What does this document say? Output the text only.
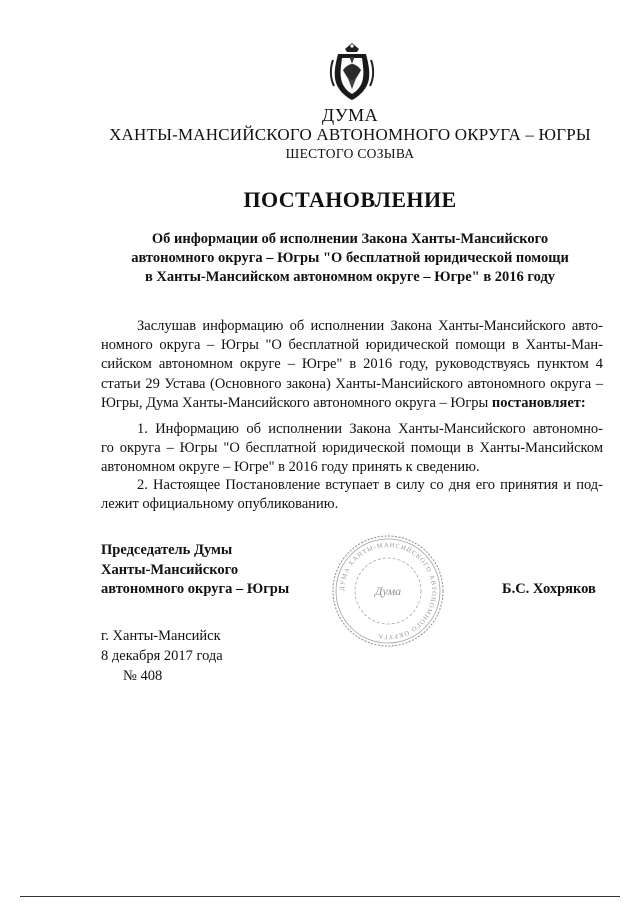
ДУМА
ХАНТЫ-МАНСИЙСКОГО АВТОНОМНОГО ОКРУГА – ЮГРЫ
ШЕСТОГО СОЗЫВА
ПОСТАНОВЛЕНИЕ
Об информации об исполнении Закона Ханты-Мансийского
автономного округа – Югры "О бесплатной юридической помощи
в Ханты-Мансийском автономном округе – Югре" в 2016 году
Заслушав информацию об исполнении Закона Ханты-Мансийского авто-
номного округа – Югры "О бесплатной юридической помощи в Ханты-Ман-
сийском автономном округе – Югре" в 2016 году, руководствуясь пунктом 4
статьи 29 Устава (Основного закона) Ханты-Мансийского автономного округа –
Югры, Дума Ханты-Мансийского автономного округа – Югры постановляет:
1. Информацию об исполнении Закона Ханты-Мансийского автономно-
го округа – Югры "О бесплатной юридической помощи в Ханты-Мансийском
автономном округе – Югре" в 2016 году принять к сведению.
2. Настоящее Постановление вступает в силу со дня его принятия и под-
лежит официальному опубликованию.
Председатель Думы
Ханты-Мансийского
автономного округа – Югры	ДУМА ХАНТЫ-МАНСИЙСКОГО АВТОНОМНОГО ОКРУГА
Дума	Б.С. Хохряков
г. Ханты-Мансийск
8 декабря 2017 года
№ 408
